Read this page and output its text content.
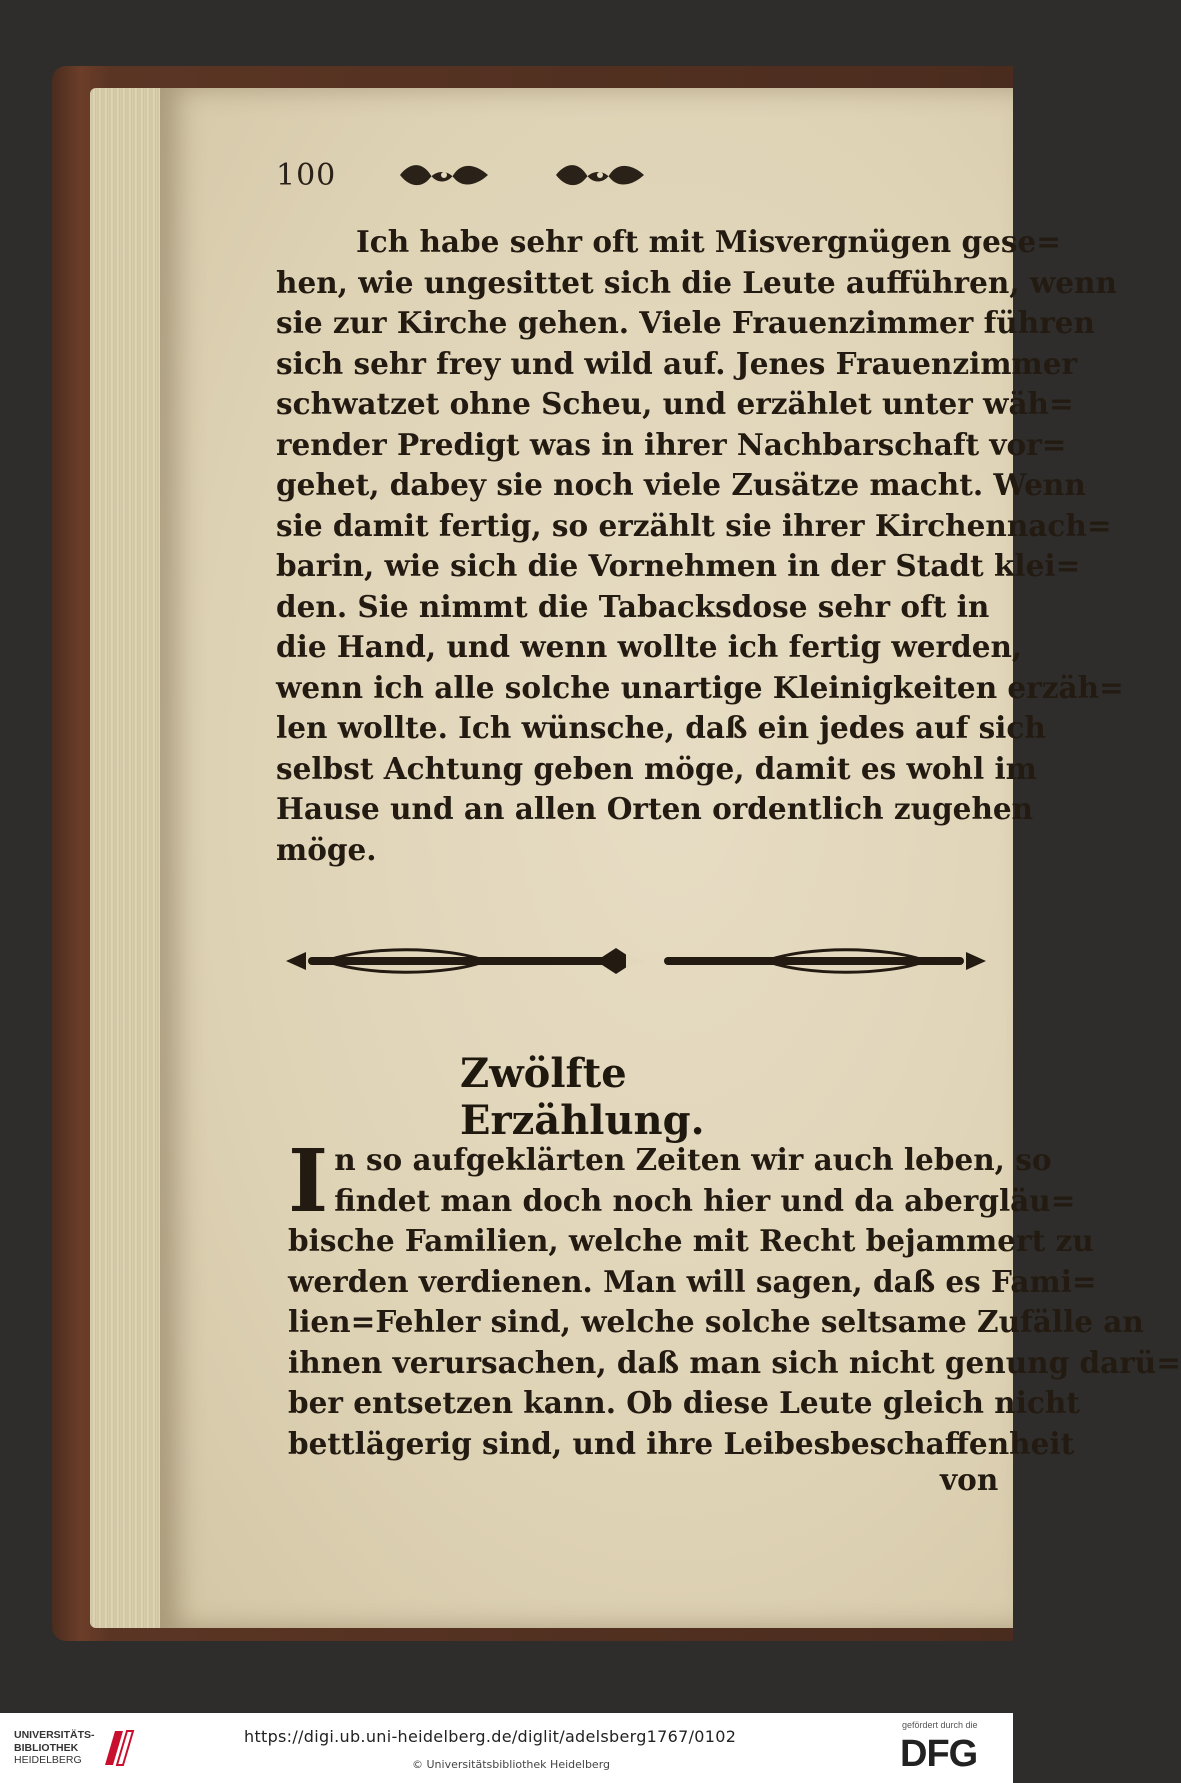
100
Ich habe sehr oft mit Misvergnügen gese=
hen, wie ungesittet sich die Leute aufführen, wenn
sie zur Kirche gehen. Viele Frauenzimmer führen
sich sehr frey und wild auf. Jenes Frauenzimmer
schwatzet ohne Scheu, und erzählet unter wäh=
render Predigt was in ihrer Nachbarschaft vor=
gehet, dabey sie noch viele Zusätze macht. Wenn
sie damit fertig, so erzählt sie ihrer Kirchennach=
barin, wie sich die Vornehmen in der Stadt klei=
den. Sie nimmt die Tabacksdose sehr oft in
die Hand, und wenn wollte ich fertig werden,
wenn ich alle solche unartige Kleinigkeiten erzäh=
len wollte. Ich wünsche, daß ein jedes auf sich
selbst Achtung geben möge, damit es wohl im
Hause und an allen Orten ordentlich zugehen
möge.
Zwölfte Erzählung.
I n so aufgeklärten Zeiten wir auch leben, so
findet man doch noch hier und da abergläu=
bische Familien, welche mit Recht bejammert zu
werden verdienen. Man will sagen, daß es Fami=
lien=Fehler sind, welche solche seltsame Zufälle an
ihnen verursachen, daß man sich nicht genung darü=
ber entsetzen kann. Ob diese Leute gleich nicht
bettlägerig sind, und ihre Leibesbeschaffenheit
von
UNIVERSITÄTS-
BIBLIOTHEK
HEIDELBERG
https://digi.ub.uni-heidelberg.de/diglit/adelsberg1767/0102
© Universitätsbibliothek Heidelberg
gefördert durch die
DFG
